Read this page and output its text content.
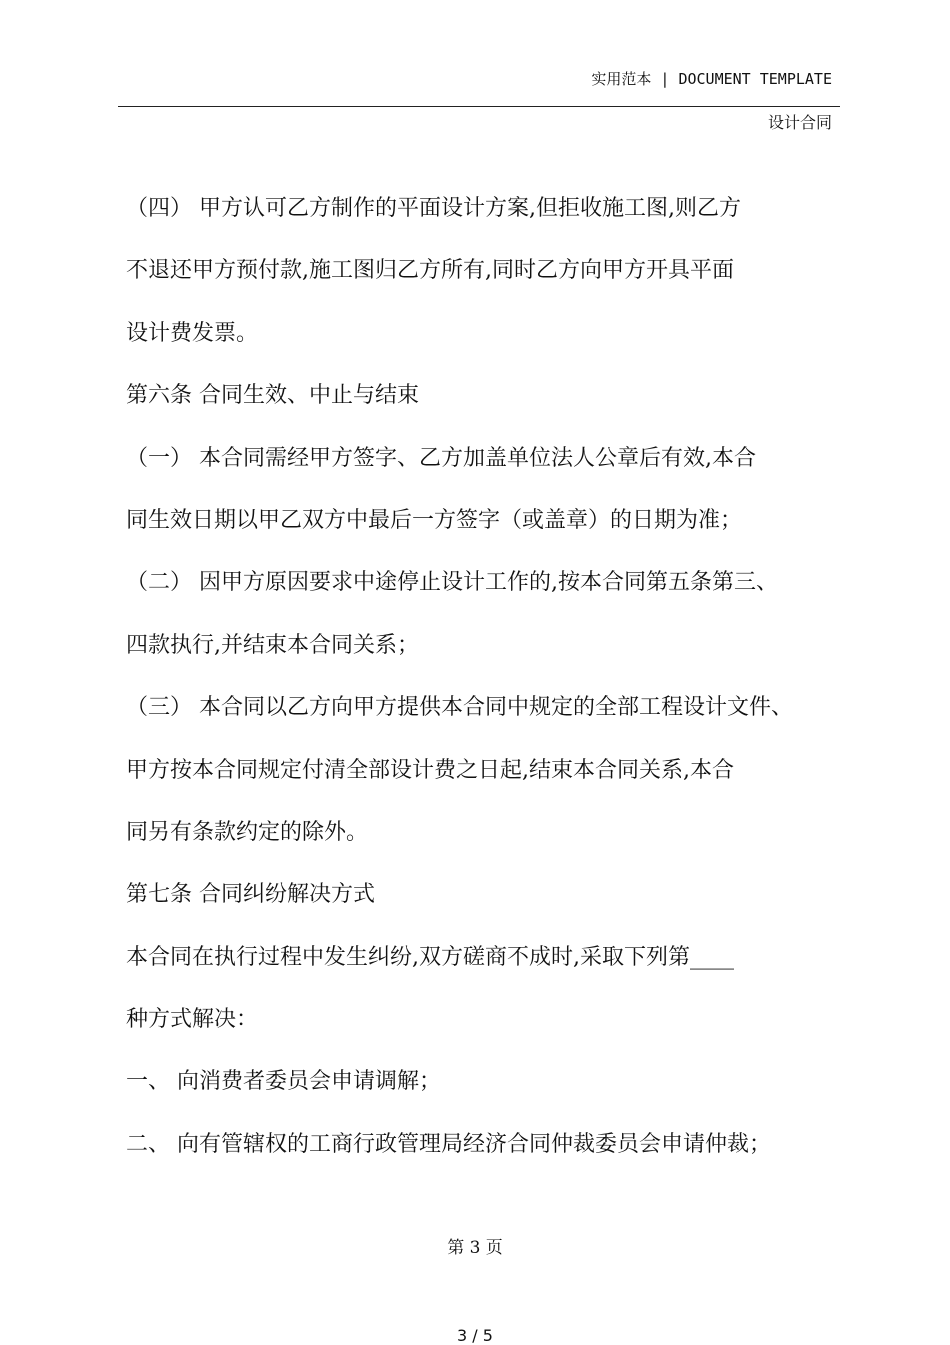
实用范本 | DOCUMENT TEMPLATE
设计合同
（四） 甲方认可乙方制作的平面设计方案,但拒收施工图,则乙方
不退还甲方预付款,施工图归乙方所有,同时乙方向甲方开具平面
设计费发票。
第六条 合同生效、中止与结束
（一） 本合同需经甲方签字、乙方加盖单位法人公章后有效,本合
同生效日期以甲乙双方中最后一方签字（或盖章）的日期为准；
（二） 因甲方原因要求中途停止设计工作的,按本合同第五条第三、
四款执行,并结束本合同关系；
（三） 本合同以乙方向甲方提供本合同中规定的全部工程设计文件、
甲方按本合同规定付清全部设计费之日起,结束本合同关系,本合
同另有条款约定的除外。
第七条 合同纠纷解决方式
本合同在执行过程中发生纠纷,双方磋商不成时,采取下列第____
种方式解决：
一、 向消费者委员会申请调解；
二、 向有管辖权的工商行政管理局经济合同仲裁委员会申请仲裁；
第 3 页
3 / 5
